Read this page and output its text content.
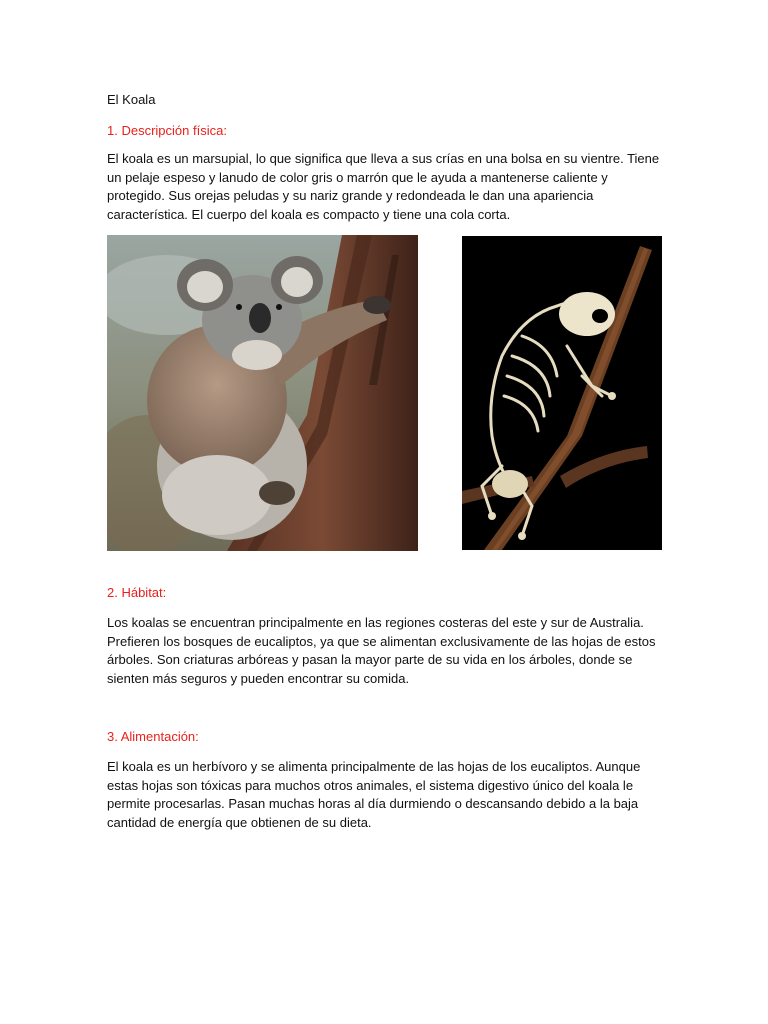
El Koala
1. Descripción física:

El koala es un marsupial, lo que significa que lleva a sus crías en una bolsa en su vientre. Tiene un pelaje espeso y lanudo de color gris o marrón que le ayuda a mantenerse caliente y protegido. Sus orejas peludas y su nariz grande y redondeada le dan una apariencia característica. El cuerpo del koala es compacto y tiene una cola corta.

2. Hábitat:

Los koalas se encuentran principalmente en las regiones costeras del este y sur de Australia. Prefieren los bosques de eucaliptos, ya que se alimentan exclusivamente de las hojas de estos árboles. Son criaturas arbóreas y pasan la mayor parte de su vida en los árboles, donde se sienten más seguros y pueden encontrar su comida.

3. Alimentación:

El koala es un herbívoro y se alimenta principalmente de las hojas de los eucaliptos. Aunque estas hojas son tóxicas para muchos otros animales, el sistema digestivo único del koala le permite procesarlas. Pasan muchas horas al día durmiendo o descansando debido a la baja cantidad de energía que obtienen de su dieta.
